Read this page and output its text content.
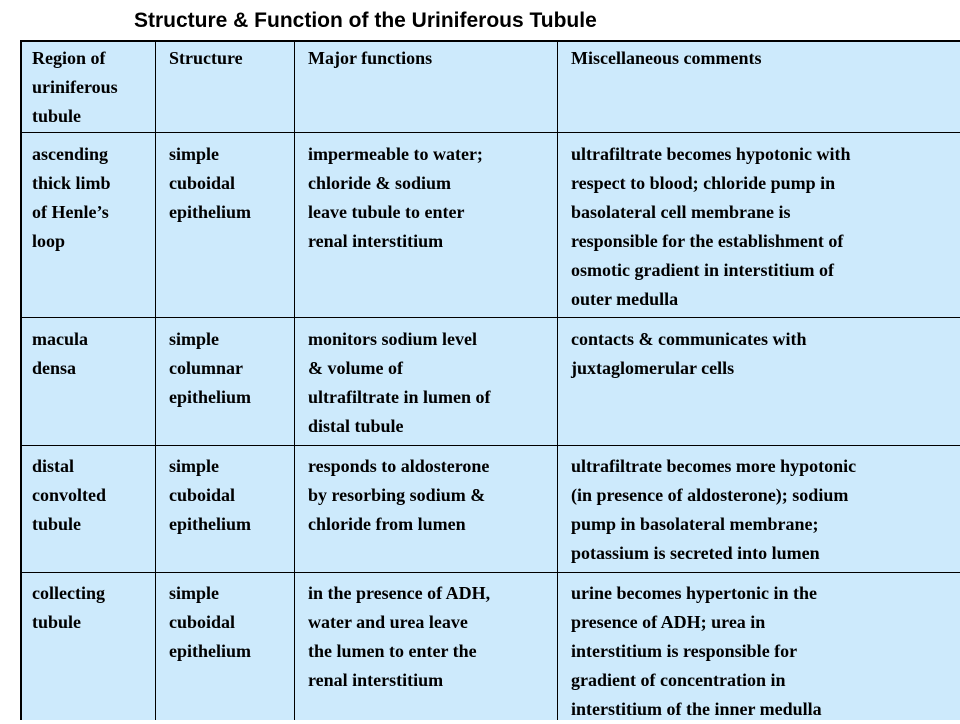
Structure & Function of the Uriniferous Tubule
Region of
uriniferous
tubule
Structure	Major functions	Miscellaneous comments
ascending
thick limb
of Henle’s
loop
simple
cuboidal
epithelium
impermeable to water;
chloride & sodium
leave tubule to enter
renal interstitium
ultrafiltrate becomes hypotonic with
respect to blood; chloride pump in
basolateral cell membrane is
responsible for the establishment of
osmotic gradient in interstitium of
outer medulla
macula
densa
simple
columnar
epithelium
monitors sodium level
& volume of
ultrafiltrate in lumen of
distal tubule
contacts & communicates with
juxtaglomerular cells
distal
convolted
tubule
simple
cuboidal
epithelium
responds to aldosterone
by resorbing sodium &
chloride from lumen
ultrafiltrate becomes more hypotonic
(in presence of aldosterone); sodium
pump in basolateral membrane;
potassium is secreted into lumen
collecting
tubule
simple
cuboidal
epithelium
in the presence of ADH,
water and urea leave
the lumen to enter the
renal interstitium
urine becomes hypertonic in the
presence of ADH; urea in
interstitium is responsible for
gradient of concentration in
interstitium of the inner medulla
